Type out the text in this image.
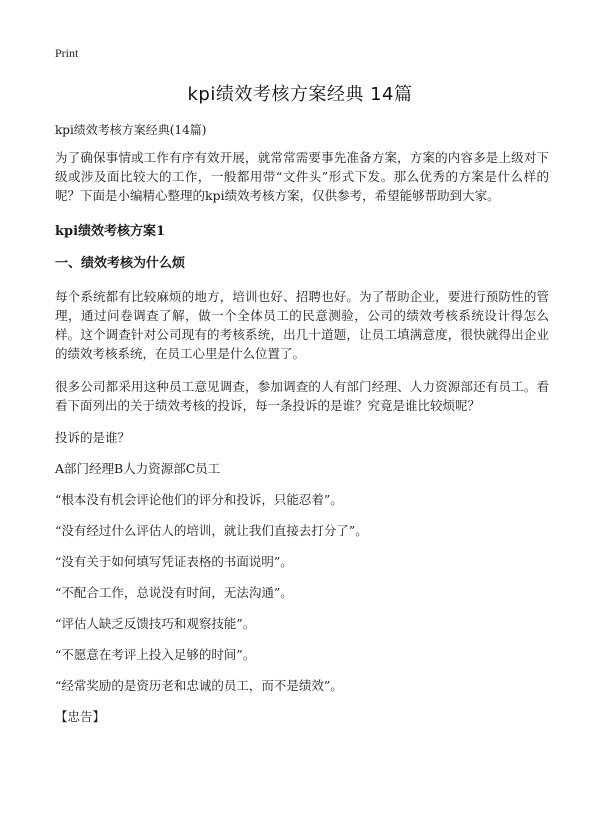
Print
kpi绩效考核方案经典 14篇
kpi绩效考核方案经典(14篇)
为了确保事情或工作有序有效开展，就常常需要事先准备方案，方案的内容多是上级对下级或涉及面比较大的工作，一般都用带“文件头”形式下发。那么优秀的方案是什么样的呢？下面是小编精心整理的kpi绩效考核方案，仅供参考，希望能够帮助到大家。
kpi绩效考核方案1
一、绩效考核为什么烦
每个系统都有比较麻烦的地方，培训也好、招聘也好。为了帮助企业，要进行预防性的管理，通过问卷调查了解，做一个全体员工的民意测验，公司的绩效考核系统设计得怎么样。这个调查针对公司现有的考核系统，出几十道题，让员工填满意度，很快就得出企业的绩效考核系统，在员工心里是什么位置了。
很多公司都采用这种员工意见调查，参加调查的人有部门经理、人力资源部还有员工。看看下面列出的关于绩效考核的投诉，每一条投诉的是谁？究竟是谁比较烦呢？
投诉的是谁？
A部门经理B人力资源部C员工
“根本没有机会评论他们的评分和投诉，只能忍着”。
“没有经过什么评估人的培训，就让我们直接去打分了”。
“没有关于如何填写凭证表格的书面说明”。
“不配合工作，总说没有时间，无法沟通”。
“评估人缺乏反馈技巧和观察技能”。
“不愿意在考评上投入足够的时间”。
“经常奖励的是资历老和忠诚的员工，而不是绩效”。
【忠告】
